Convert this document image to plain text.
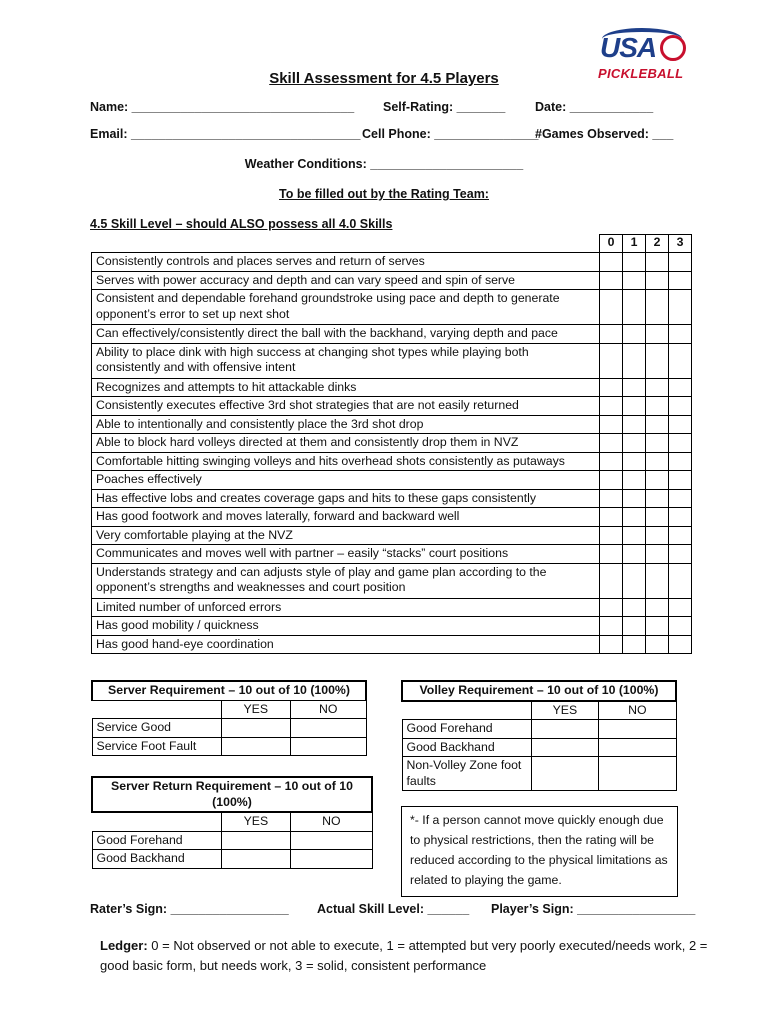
USA
PICKLEBALL
Skill Assessment for 4.5 Players
Name: ________________________________ Self-Rating: _______ Date: ____________
Email: _________________________________ Cell Phone: _______________
#Games Observed: ___
Weather Conditions: ______________________
To be filled out by the Rating Team:
4.5 Skill Level – should ALSO possess all 4.0 Skills
	0	1	2	3
Consistently controls and places serves and return of serves				
Serves with power accuracy and depth and can vary speed and spin of serve				
Consistent and dependable forehand groundstroke using pace and depth to generate opponent’s error to set up next shot				
Can effectively/consistently direct the ball with the backhand, varying depth and pace				
Ability to place dink with high success at changing shot types while playing both consistently and with offensive intent				
Recognizes and attempts to hit attackable dinks				
Consistently executes effective 3rd shot strategies that are not easily returned				
Able to intentionally and consistently place the 3rd shot drop				
Able to block hard volleys directed at them and consistently drop them in NVZ				
Comfortable hitting swinging volleys and hits overhead shots consistently as putaways				
Poaches effectively				
Has effective lobs and creates coverage gaps and hits to these gaps consistently				
Has good footwork and moves laterally, forward and backward well				
Very comfortable playing at the NVZ				
Communicates and moves well with partner – easily “stacks” court positions				
Understands strategy and can adjusts style of play and game plan according to the opponent’s strengths and weaknesses and court position				
Limited number of unforced errors				
Has good mobility / quickness				
Has good hand-eye coordination				
Server Requirement – 10 out of 10 (100%)		
	YES	NO
Service Good		
Service Foot Fault		
Server Return Requirement – 10 out of 10 (100%)		
	YES	NO
Good Forehand		
Good Backhand		
Volley Requirement – 10 out of 10 (100%)		
	YES	NO
Good Forehand		
Good Backhand		
Non-Volley Zone foot faults		
*- If a person cannot move quickly enough due to physical restrictions, then the rating will be reduced according to the physical limitations as related to playing the game.
Rater’s Sign: _________________ Actual Skill Level: ______ Player’s Sign: _________________
Ledger: 0 = Not observed or not able to execute, 1 = attempted but very poorly executed/needs work, 2 = good basic form, but needs work, 3 = solid, consistent performance
